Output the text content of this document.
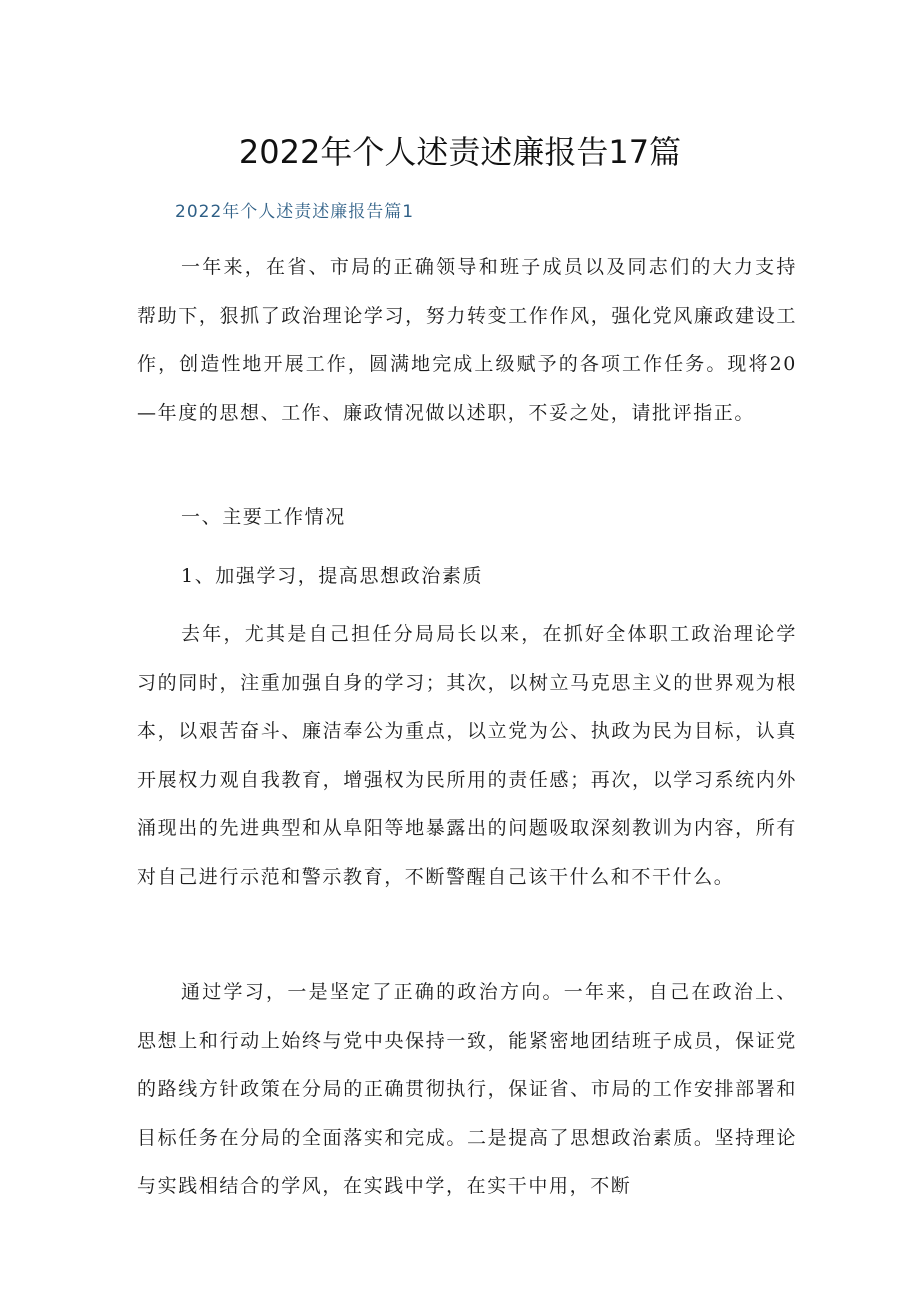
2022年个人述责述廉报告17篇

2022年个人述责述廉报告篇1

一年来，在省、市局的正确领导和班子成员以及同志们的大力支持帮助下，狠抓了政治理论学习，努力转变工作作风，强化党风廉政建设工作，创造性地开展工作，圆满地完成上级赋予的各项工作任务。现将20—年度的思想、工作、廉政情况做以述职，不妥之处，请批评指正。

一、主要工作情况

1、加强学习，提高思想政治素质

去年，尤其是自己担任分局局长以来，在抓好全体职工政治理论学习的同时，注重加强自身的学习；其次，以树立马克思主义的世界观为根本，以艰苦奋斗、廉洁奉公为重点，以立党为公、执政为民为目标，认真开展权力观自我教育，增强权为民所用的责任感；再次，以学习系统内外涌现出的先进典型和从阜阳等地暴露出的问题吸取深刻教训为内容，所有对自己进行示范和警示教育，不断警醒自己该干什么和不干什么。

通过学习，一是坚定了正确的政治方向。一年来，自己在政治上、思想上和行动上始终与党中央保持一致，能紧密地团结班子成员，保证党的路线方针政策在分局的正确贯彻执行，保证省、市局的工作安排部署和目标任务在分局的全面落实和完成。二是提高了思想政治素质。坚持理论与实践相结合的学风，在实践中学，在实干中用，不断
